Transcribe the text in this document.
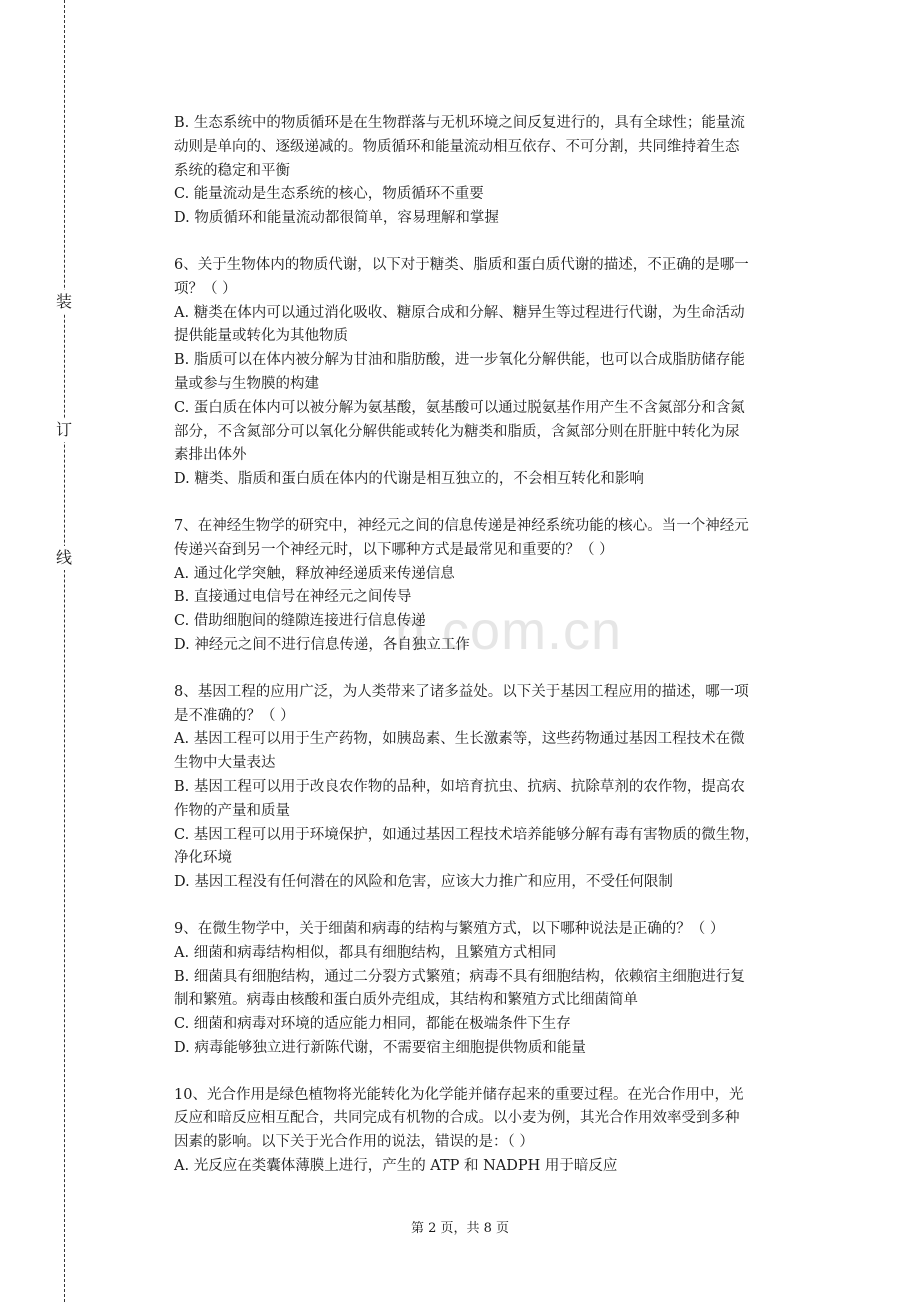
装
订
线
n.com.cn
B. 生态系统中的物质循环是在生物群落与无机环境之间反复进行的，具有全球性；能量流
动则是单向的、逐级递减的。物质循环和能量流动相互依存、不可分割，共同维持着生态
系统的稳定和平衡
C. 能量流动是生态系统的核心，物质循环不重要
D. 物质循环和能量流动都很简单，容易理解和掌握
6、关于生物体内的物质代谢，以下对于糖类、脂质和蛋白质代谢的描述，不正确的是哪一
项？（ ）
A. 糖类在体内可以通过消化吸收、糖原合成和分解、糖异生等过程进行代谢，为生命活动
提供能量或转化为其他物质
B. 脂质可以在体内被分解为甘油和脂肪酸，进一步氧化分解供能，也可以合成脂肪储存能
量或参与生物膜的构建
C. 蛋白质在体内可以被分解为氨基酸，氨基酸可以通过脱氨基作用产生不含氮部分和含氮
部分，不含氮部分可以氧化分解供能或转化为糖类和脂质，含氮部分则在肝脏中转化为尿
素排出体外
D. 糖类、脂质和蛋白质在体内的代谢是相互独立的，不会相互转化和影响
7、在神经生物学的研究中，神经元之间的信息传递是神经系统功能的核心。当一个神经元
传递兴奋到另一个神经元时，以下哪种方式是最常见和重要的？（ ）
A. 通过化学突触，释放神经递质来传递信息
B. 直接通过电信号在神经元之间传导
C. 借助细胞间的缝隙连接进行信息传递
D. 神经元之间不进行信息传递，各自独立工作
8、基因工程的应用广泛，为人类带来了诸多益处。以下关于基因工程应用的描述，哪一项
是不准确的？（ ）
A. 基因工程可以用于生产药物，如胰岛素、生长激素等，这些药物通过基因工程技术在微
生物中大量表达
B. 基因工程可以用于改良农作物的品种，如培育抗虫、抗病、抗除草剂的农作物，提高农
作物的产量和质量
C. 基因工程可以用于环境保护，如通过基因工程技术培养能够分解有毒有害物质的微生物，
净化环境
D. 基因工程没有任何潜在的风险和危害，应该大力推广和应用，不受任何限制
9、在微生物学中，关于细菌和病毒的结构与繁殖方式，以下哪种说法是正确的？（ ）
A. 细菌和病毒结构相似，都具有细胞结构，且繁殖方式相同
B. 细菌具有细胞结构，通过二分裂方式繁殖；病毒不具有细胞结构，依赖宿主细胞进行复
制和繁殖。病毒由核酸和蛋白质外壳组成，其结构和繁殖方式比细菌简单
C. 细菌和病毒对环境的适应能力相同，都能在极端条件下生存
D. 病毒能够独立进行新陈代谢，不需要宿主细胞提供物质和能量
10、光合作用是绿色植物将光能转化为化学能并储存起来的重要过程。在光合作用中，光
反应和暗反应相互配合，共同完成有机物的合成。以小麦为例，其光合作用效率受到多种
因素的影响。以下关于光合作用的说法，错误的是：（ ）
A. 光反应在类囊体薄膜上进行，产生的 ATP 和 NADPH 用于暗反应
第 2 页，共 8 页
